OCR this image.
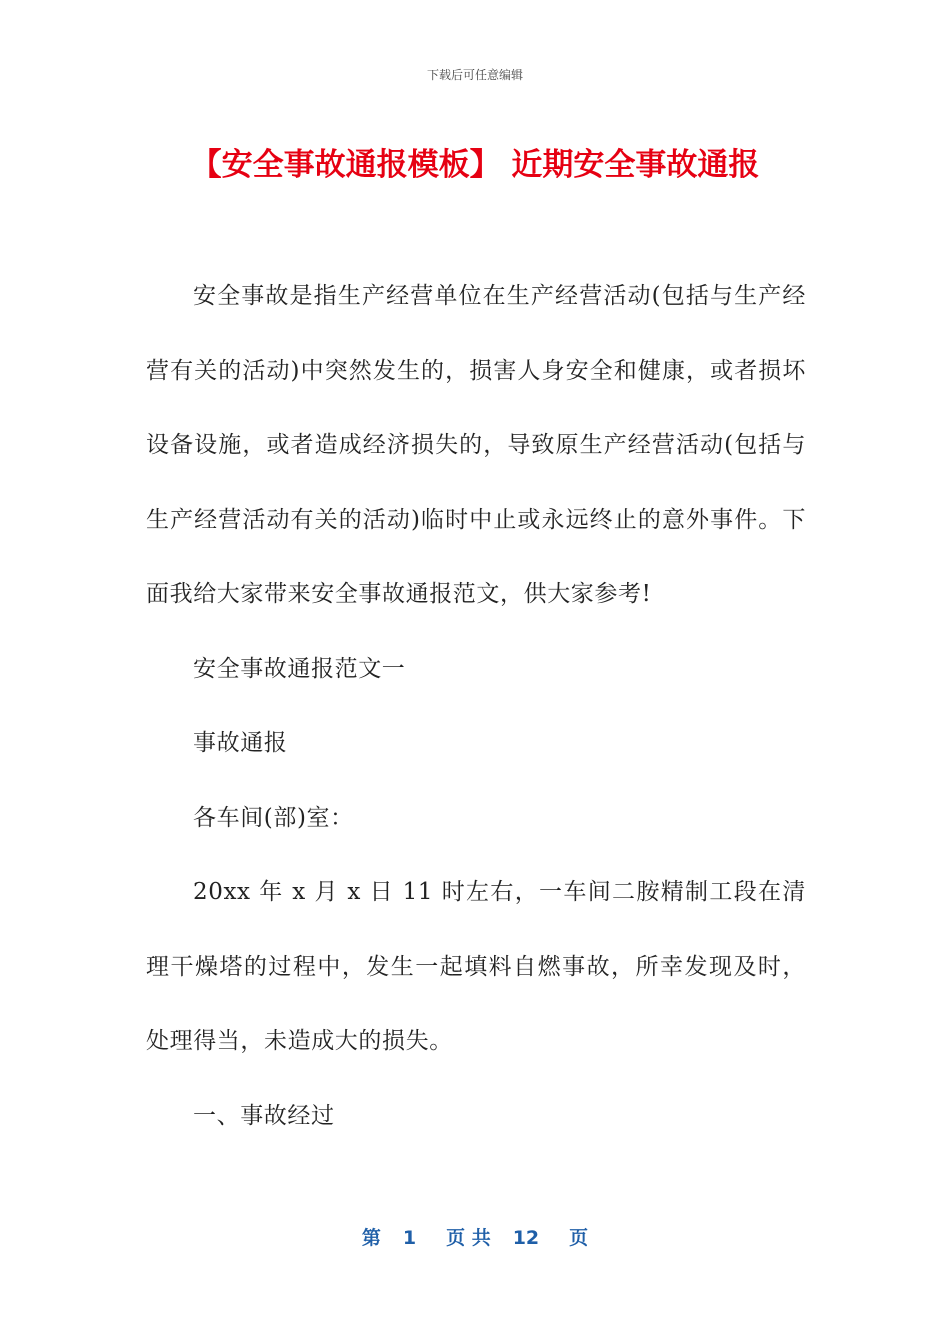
下载后可任意编辑
【安全事故通报模板】 近期安全事故通报

安全事故是指生产经营单位在生产经营活动(包括与生产经营有关的活动)中突然发生的，损害人身安全和健康，或者损坏设备设施，或者造成经济损失的，导致原生产经营活动(包括与生产经营活动有关的活动)临时中止或永远终止的意外事件。下面我给大家带来安全事故通报范文，供大家参考!

安全事故通报范文一

事故通报

各车间(部)室：

20xx 年 x 月 x 日 11 时左右，一车间二胺精制工段在清理干燥塔的过程中，发生一起填料自燃事故，所幸发现及时，处理得当，未造成大的损失。

一、事故经过

第 1 页 共 12 页
